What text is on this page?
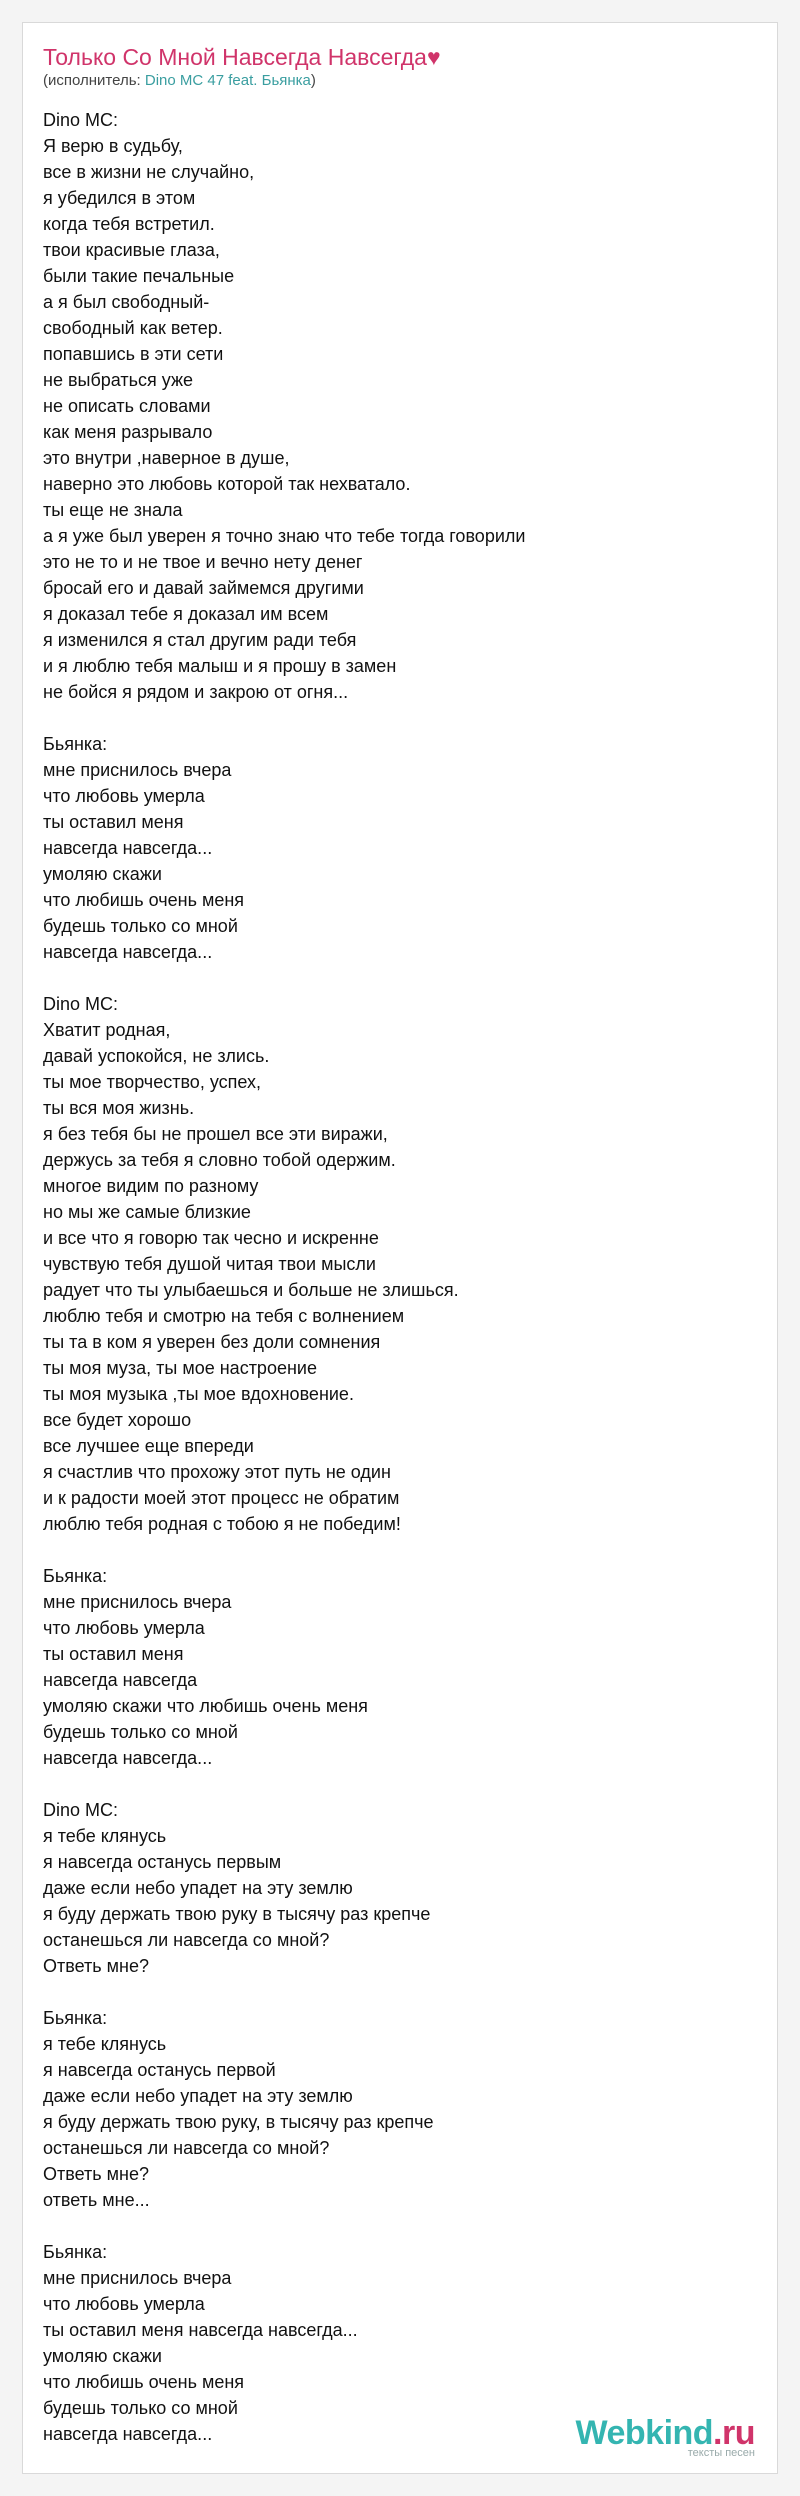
Только Со Мной Навсегда Навсегда♥
(исполнитель: Dino MC 47 feat. Бьянка)
Dino MC:
Я верю в судьбу,
все в жизни не случайно,
я убедился в этом
когда тебя встретил.
твои красивые глаза,
были такие печальные
а я был свободный-
свободный как ветер.
попавшись в эти сети
не выбраться уже
не описать словами
как меня разрывало
это внутри ,наверное в душе,
наверно это любовь которой так нехватало.
ты еще не знала
а я уже был уверен я точно знаю что тебе тогда говорили
это не то и не твое и вечно нету денег
бросай его и давай займемся другими
я доказал тебе я доказал им всем
я изменился я стал другим ради тебя
и я люблю тебя малыш и я прошу в замен
не бойся я рядом и закрою от огня...
Бьянка:
мне приснилось вчера
что любовь умерла
ты оставил меня
навсегда навсегда...
умоляю скажи
что любишь очень меня
будешь только со мной
навсегда навсегда...
Dino MC:
Хватит родная,
давай успокойся, не злись.
ты мое творчество, успех,
ты вся моя жизнь.
я без тебя бы не прошел все эти виражи,
держусь за тебя я словно тобой одержим.
многое видим по разному
но мы же самые близкие
и все что я говорю так чесно и искренне
чувствую тебя душой читая твои мысли
радует что ты улыбаешься и больше не злишься.
люблю тебя и смотрю на тебя с волнением
ты та в ком я уверен без доли сомнения
ты моя муза, ты мое настроение
ты моя музыка ,ты мое вдохновение.
все будет хорошо
все лучшее еще впереди
я счастлив что прохожу этот путь не один
и к радости моей этот процесс не обратим
люблю тебя родная с тобою я не победим!
Бьянка:
мне приснилось вчера
что любовь умерла
ты оставил меня
навсегда навсегда
умоляю скажи что любишь очень меня
будешь только со мной
навсегда навсегда...
Dino MC:
я тебе клянусь
я навсегда останусь первым
даже если небо упадет на эту землю
я буду держать твою руку в тысячу раз крепче
останешься ли навсегда со мной?
Ответь мне?
Бьянка:
я тебе клянусь
я навсегда останусь первой
даже если небо упадет на эту землю
я буду держать твою руку, в тысячу раз крепче
останешься ли навсегда со мной?
Ответь мне?
ответь мне...
Бьянка:
мне приснилось вчера
что любовь умерла
ты оставил меня навсегда навсегда...
умоляю скажи
что любишь очень меня
будешь только со мной
навсегда навсегда...	Webkind.ru
тексты песен
